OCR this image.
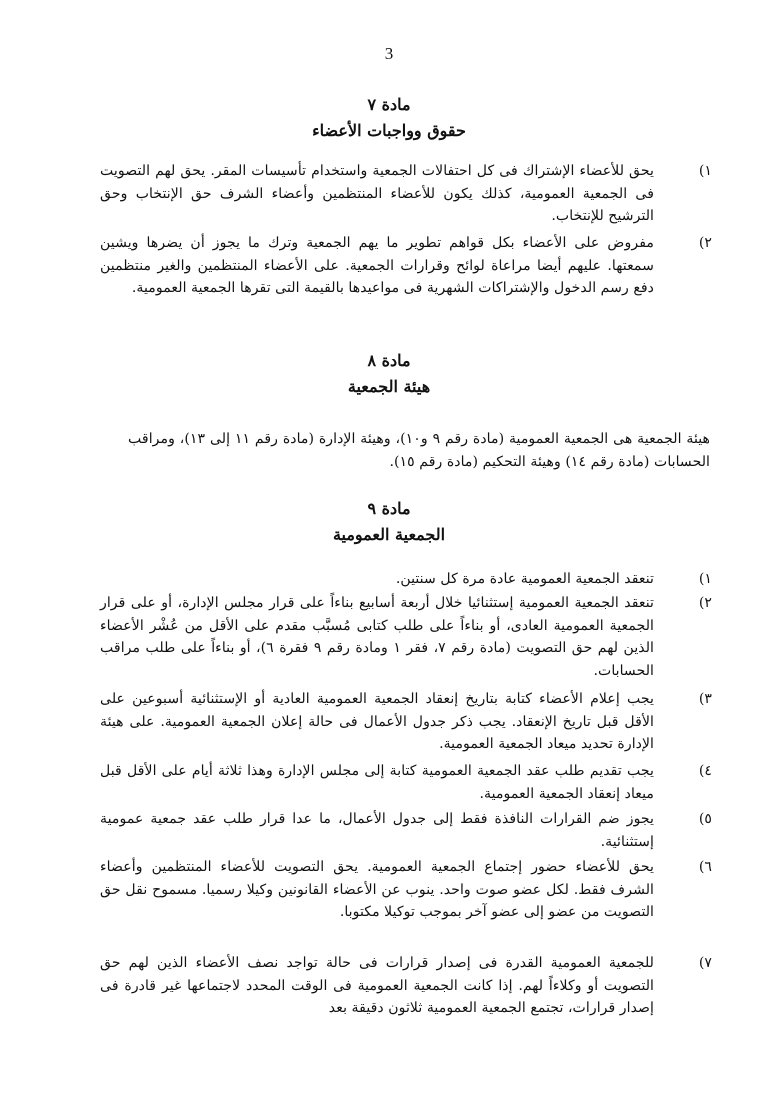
3
مادة ٧
حقوق وواجبات الأعضاء
١)
يحق للأعضاء الإشتراك فى كل احتفالات الجمعية واستخدام تأسيسات المقر. يحق لهم التصويت فى الجمعية العمومية، كذلك يكون للأعضاء المنتظمين وأعضاء الشرف حق الإنتخاب وحق الترشيح للإنتخاب.
٢)
مفروض على الأعضاء بكل قواهم تطوير ما يهم الجمعية وترك ما يجوز أن يضرها ويشين سمعتها. عليهم أيضا مراعاة لوائح وقرارات الجمعية. على الأعضاء المنتظمين والغير منتظمين دفع رسم الدخول والإشتراكات الشهرية فى مواعيدها بالقيمة التى تقرها الجمعية العمومية.
مادة ٨
هيئة الجمعية
هيئة الجمعية هى الجمعية العمومية (مادة رقم ٩ و١٠)، وهيئة الإدارة (مادة رقم ١١ إلى ١٣)، ومراقب الحسابات (مادة رقم ١٤) وهيئة التحكيم (مادة رقم ١٥).
مادة ٩
الجمعية العمومية
١)
تنعقد الجمعية العمومية عادة مرة كل سنتين.
٢)
تنعقد الجمعية العمومية إستثنائيا خلال أربعة أسابيع بناءاً على قرار مجلس الإدارة، أو على قرار الجمعية العمومية العادى، أو بناءاً على طلب كتابى مُسبَّب مقدم على الأقل من عُشْر الأعضاء الذين لهم حق التصويت (مادة رقم ٧، فقر ١ ومادة رقم ٩ فقرة ٦)، أو بناءاً على طلب مراقب الحسابات.
٣)
يجب إعلام الأعضاء كتابة بتاريخ إنعقاد الجمعية العمومية العادية أو الإستثنائية أسبوعين على الأقل قبل تاريخ الإنعقاد. يجب ذكر جدول الأعمال فى حالة إعلان الجمعية العمومية. على هيئة الإدارة تحديد ميعاد الجمعية العمومية.
٤)
يجب تقديم طلب عقد الجمعية العمومية كتابة إلى مجلس الإدارة وهذا ثلاثة أيام على الأقل قبل ميعاد إنعقاد الجمعية العمومية.
٥)
يجوز ضم القرارات النافذة فقط إلى جدول الأعمال، ما عدا قرار طلب عقد جمعية عمومية إستثنائية.
٦)
يحق للأعضاء حضور إجتماع الجمعية العمومية. يحق التصويت للأعضاء المنتظمين وأعضاء الشرف فقط. لكل عضو صوت واحد. ينوب عن الأعضاء القانونين وكيلا رسميا. مسموح نقل حق التصويت من عضو إلى عضو آخر بموجب توكيلا مكتوبا.
٧)
للجمعية العمومية القدرة فى إصدار قرارات فى حالة تواجد نصف الأعضاء الذين لهم حق التصويت أو وكلاءاً لهم. إذا كانت الجمعية العمومية فى الوقت المحدد لاجتماعها غير قادرة فى إصدار قرارات، تجتمع الجمعية العمومية ثلاثون دقيقة بعد
